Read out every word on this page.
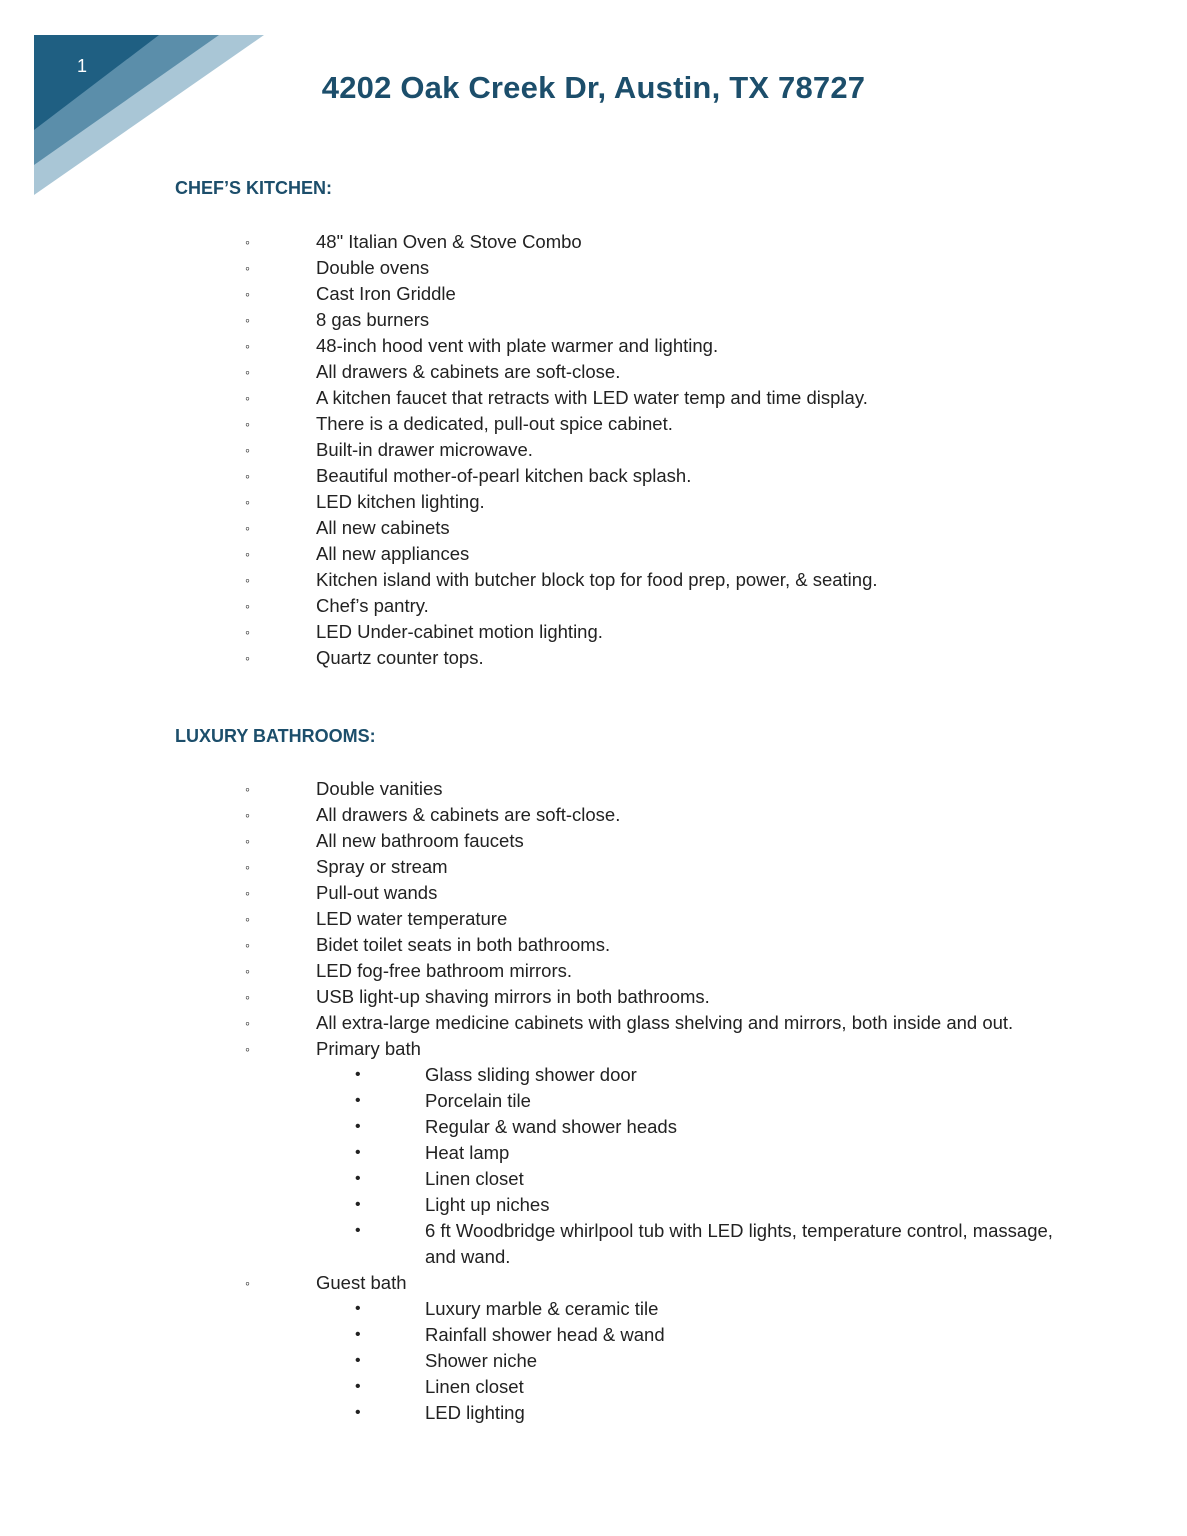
1
4202 Oak Creek Dr, Austin, TX 78727
CHEF’S KITCHEN:
◦	48" Italian Oven & Stove Combo
◦	Double ovens
◦	Cast Iron Griddle
◦	8 gas burners
◦	48-inch hood vent with plate warmer and lighting.
◦	All drawers & cabinets are soft-close.
◦	A kitchen faucet that retracts with LED water temp and time display.
◦	There is a dedicated, pull-out spice cabinet.
◦	Built-in drawer microwave.
◦	Beautiful mother-of-pearl kitchen back splash.
◦	LED kitchen lighting.
◦	All new cabinets
◦	All new appliances
◦	Kitchen island with butcher block top for food prep, power, & seating.
◦	Chef’s pantry.
◦	LED Under-cabinet motion lighting.
◦	Quartz counter tops.
LUXURY BATHROOMS:
◦	Double vanities
◦	All drawers & cabinets are soft-close.
◦	All new bathroom faucets
◦	Spray or stream
◦	Pull-out wands
◦	LED water temperature
◦	Bidet toilet seats in both bathrooms.
◦	LED fog-free bathroom mirrors.
◦	USB light-up shaving mirrors in both bathrooms.
◦	All extra-large medicine cabinets with glass shelving and mirrors, both inside and out.
◦	Primary bath
•	Glass sliding shower door
•	Porcelain tile
•	Regular & wand shower heads
•	Heat lamp
•	Linen closet
•	Light up niches
•	6 ft Woodbridge whirlpool tub with LED lights, temperature control, massage, and wand.
◦	Guest bath
•	Luxury marble & ceramic tile
•	Rainfall shower head & wand
•	Shower niche
•	Linen closet
•	LED lighting
